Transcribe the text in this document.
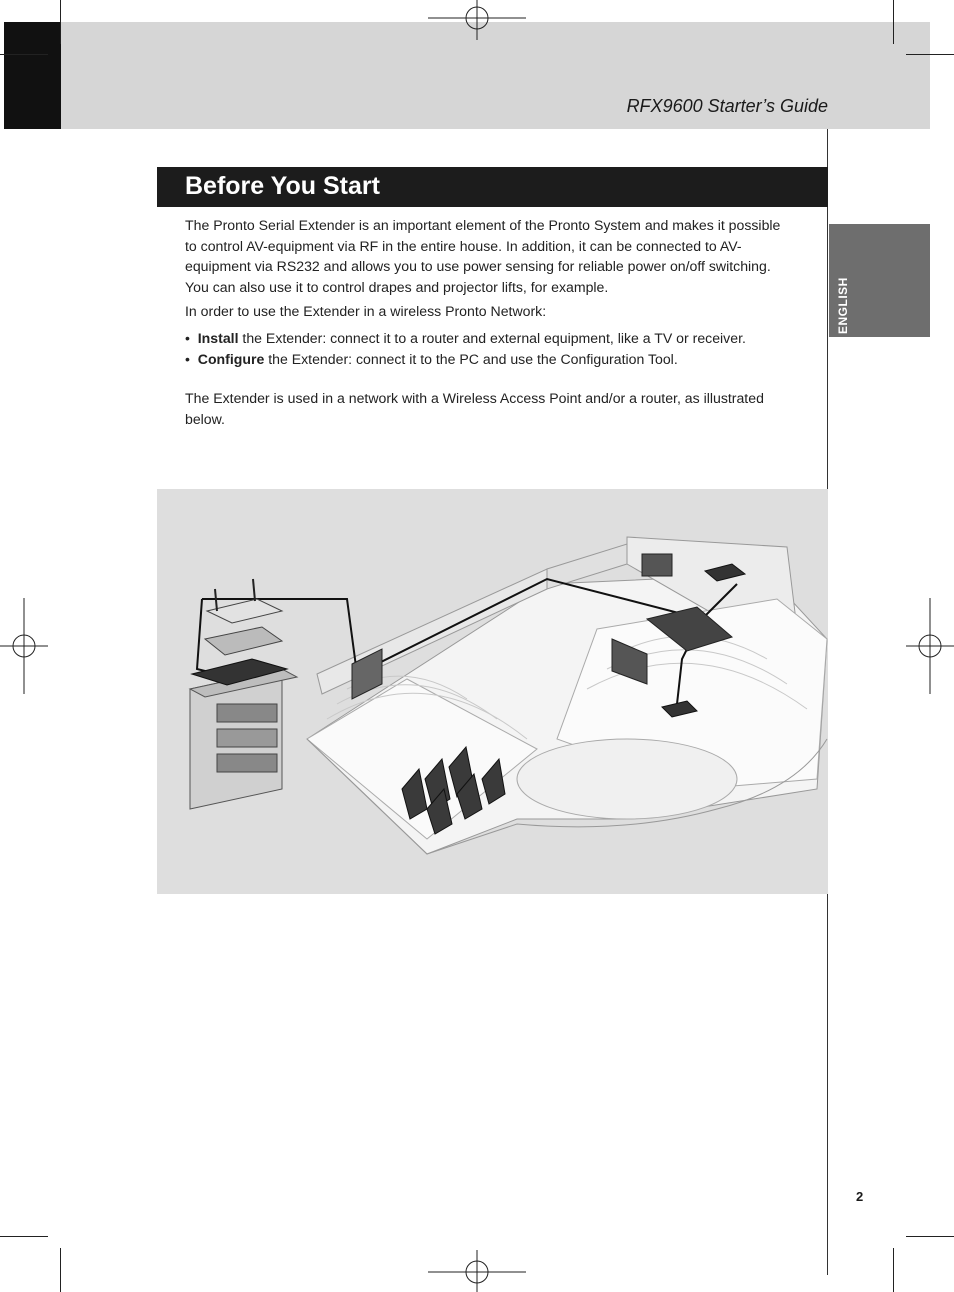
RFX9600 Starter’s Guide
ENGLISH
Before You Start
The Pronto Serial Extender is an important element of the Pronto System and makes it possible to control AV-equipment via RF in the entire house. In addition, it can be connected to AV-equipment via RS232 and allows you to use power sensing for reliable power on/off switching. You can also use it to control drapes and projector lifts, for example.
In order to use the Extender in a wireless Pronto Network:
•  Install the Extender: connect it to a router and external equipment, like a TV or receiver.
•  Configure the Extender: connect it to the PC and use the Configuration Tool.
The Extender is used in a network with a Wireless Access Point and/or a router, as illustrated below.
2
